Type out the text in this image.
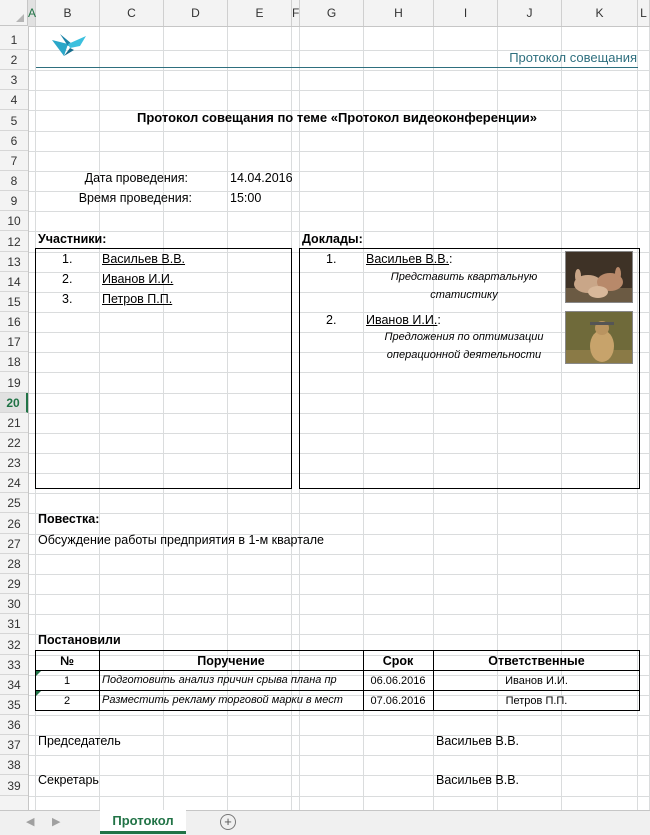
A	B	C	D	E	F	G	H	I	J	K	L
1
2
3
4
5
6
7
8
9
10
12
13
14
15
16
17
18
19
20
21
22
23
24
25
26
27
28
29
30
31
32
33
34
35
36
37
38
39
Протокол совещания
Протокол совещания по теме «Протокол видеоконференции»
Дата проведения:	14.04.2016
Время проведения:	15:00
Участники:
1. Васильев В.В.
2. Иванов И.И.
3. Петров П.П.
Доклады:
1. Васильев В.В.:
Представить квартальную
статистику
2. Иванов И.И.:
Предложения по оптимизации
операционной деятельности
Повестка:
Обсуждение работы предприятия в 1-м квартале
Постановили
№	Поручение	Срок	Ответственные
1	Подготовить анализ причин срыва плана пр	06.06.2016	Иванов И.И.
2	Разместить рекламу торговой марки в мест	07.06.2016	Петров П.П.
Председатель	Васильев В.В.
Секретарь	Васильев В.В.
◀ ▶	Протокол	+
